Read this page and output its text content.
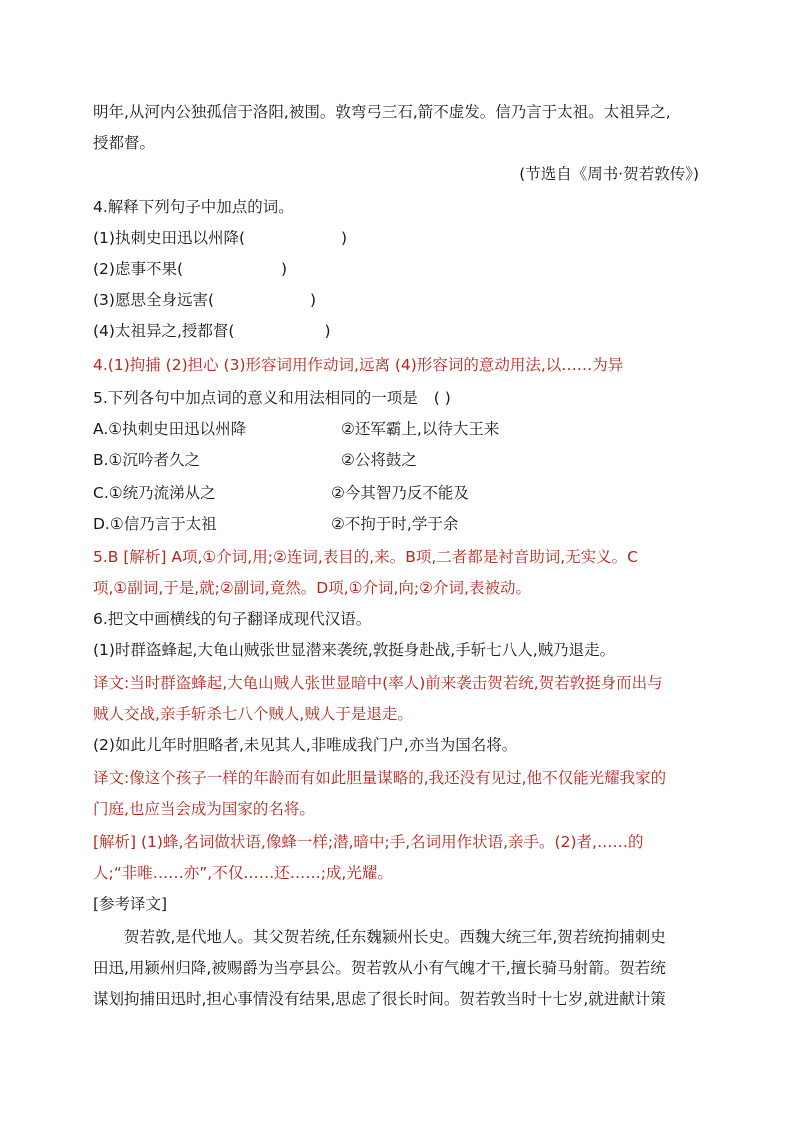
明年,从河内公独孤信于洛阳,被围。敦弯弓三石,箭不虚发。信乃言于太祖。太祖异之,
授都督。
(节选自《周书·贺若敦传》)
4.解释下列句子中加点的词。
(1)执刺史田迅以州降(	)
(2)虑事不果(	)
(3)愿思全身远害(	)
(4)太祖异之,授都督(	)
4.(1)拘捕 (2)担心 (3)形容词用作动词,远离 (4)形容词的意动用法,以……为异
5.下列各句中加点词的意义和用法相同的一项是 ( )
A.①执刺史田迅以州降	②还军霸上,以待大王来
B.①沉吟者久之	②公将鼓之
C.①统乃流涕从之	②今其智乃反不能及
D.①信乃言于太祖	②不拘于时,学于余
5.B [解析] A项,①介词,用;②连词,表目的,来。B项,二者都是衬音助词,无实义。C
项,①副词,于是,就;②副词,竟然。D项,①介词,向;②介词,表被动。
6.把文中画横线的句子翻译成现代汉语。
(1)时群盗蜂起,大龟山贼张世显潜来袭统,敦挺身赴战,手斩七八人,贼乃退走。
译文:当时群盗蜂起,大龟山贼人张世显暗中(率人)前来袭击贺若统,贺若敦挺身而出与
贼人交战,亲手斩杀七八个贼人,贼人于是退走。
(2)如此儿年时胆略者,未见其人,非唯成我门户,亦当为国名将。
译文:像这个孩子一样的年龄而有如此胆量谋略的,我还没有见过,他不仅能光耀我家的
门庭,也应当会成为国家的名将。
[解析] (1)蜂,名词做状语,像蜂一样;潜,暗中;手,名词用作状语,亲手。(2)者,……的
人;“非唯……亦”,不仅……还……;成,光耀。
[参考译文]
贺若敦,是代地人。其父贺若统,任东魏颍州长史。西魏大统三年,贺若统拘捕刺史
田迅,用颍州归降,被赐爵为当亭县公。贺若敦从小有气魄才干,擅长骑马射箭。贺若统
谋划拘捕田迅时,担心事情没有结果,思虑了很长时间。贺若敦当时十七岁,就进献计策
